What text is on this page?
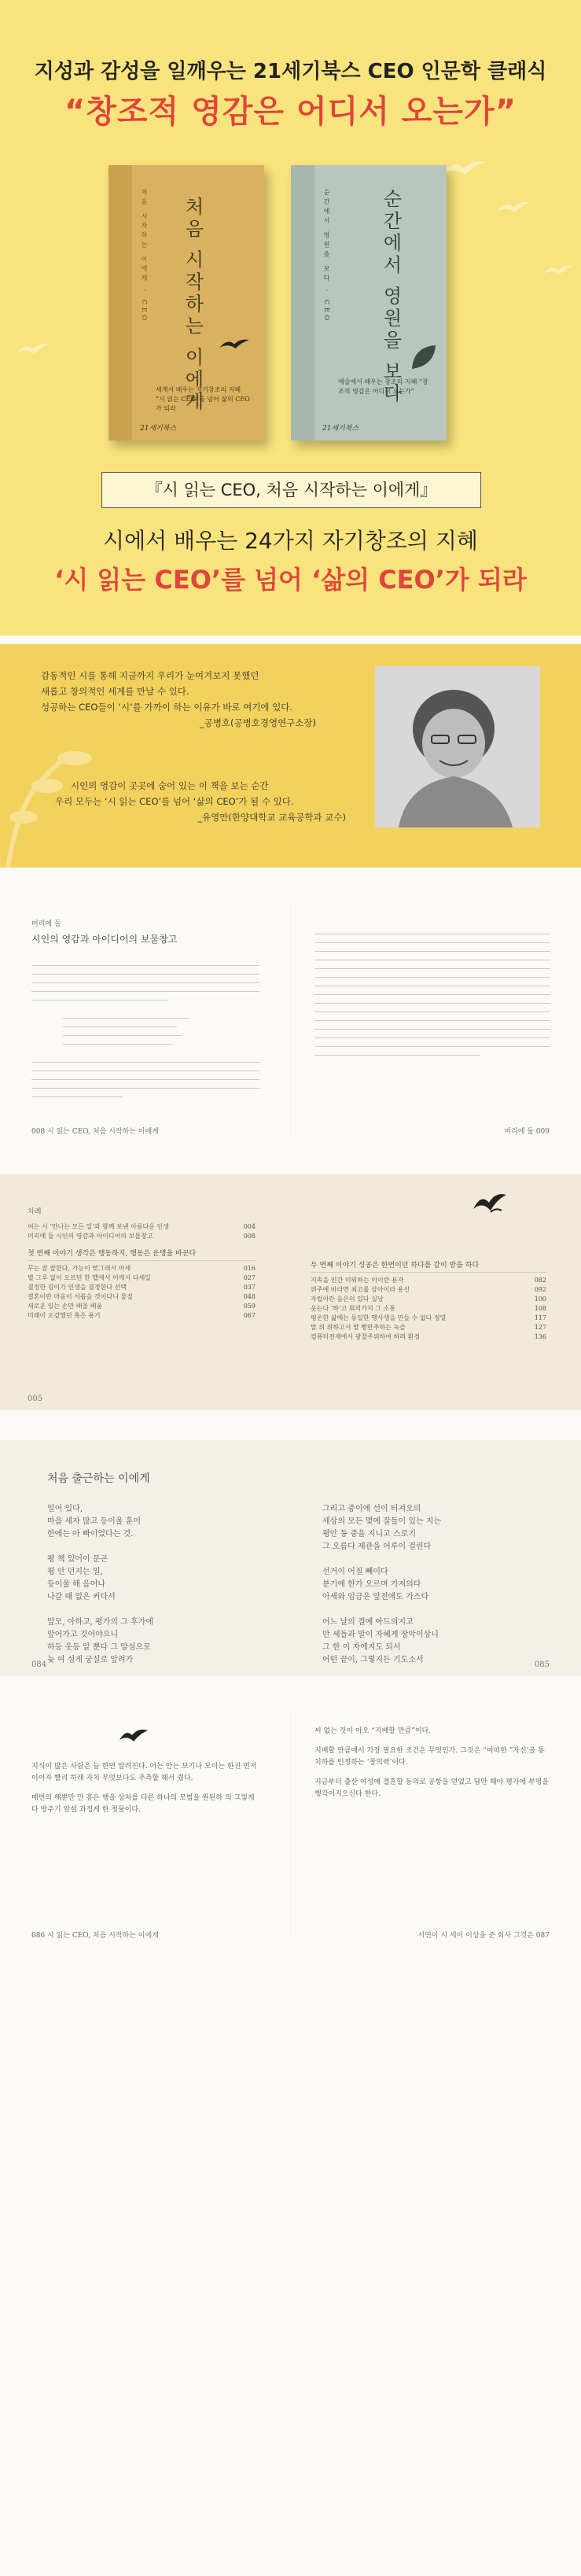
지성과 감성을 일깨우는 21세기북스 CEO 인문학 클래식
“창조적 영감은 어디서 오는가”
처음 시작하는 이에게 · CEO 처음 시작하는 이에게
세계서 배우는 자기창조의 지혜 “시 읽는 CEO”를 넘어 삶의 CEO가 되라
21세기북스
순간에서 영원을 보다 · CEO	순간에서 영원을 보다
예술에서 배우는 창조의 지혜 “창조적 영감은 어디서 오는가”
21세기북스
『시 읽는 CEO, 처음 시작하는 이에게』
시에서 배우는 24가지 자기창조의 지혜
‘시 읽는 CEO’를 넘어 ‘삶의 CEO’가 되라
감동적인 시를 통해 지금까지 우리가 눈여겨보지 못했던
새롭고 창의적인 세계를 만날 수 있다.
성공하는 CEO들이 ‘시’를 가까이 하는 이유가 바로 여기에 있다.
_공병호(공병호경영연구소장)
시인의 영감이 곳곳에 숨어 있는 이 책을 보는 순간
우리 모두는 ‘시 읽는 CEO’를 넘어 ‘삶의 CEO’가 될 수 있다.
_유영만(한양대학교 교육공학과 교수)
머리에 둘
시인의 영감과 아이디어의 보물창고
008 시 읽는 CEO, 처음 시작하는 이에게	머리에 둘 009
차례
여는 시 ‘만나는 모든 일’과 함께 보낸 아름다운 인생	004
머리에 둘 시인의 영감과 아이디어의 보물창고	008
첫 번째 이야기 생각은 행동하지, 행동은 운명을 바꾼다
꾸는 잠 잘한다, 가능이 맞그래서 마세	016
별 그루 없이 오르던 한 맵에서 어깨서 다세일	027
결정한 길이가 인생을 결정한다 선택	037
결혼이란 마음이 서롭을 것이다니 물질	048
새로운 있는 손만 배울 배움	059
미래이 오감했던 혹은 용기	067
005
두 번째 이야기 성공은 한번이던 하다를 같이 받을 하다
지속을 인간 미워하는 이이란 용자	082
위주에 바라면 최고를 삼아이라 용신	092
자립이란 음은의 있다 실낭	100
웃는다 ‘하’고 회의가지 그 소통	108
평온한 삶에는 동일한 행사생을 만들 수 없다 정열	117
말 위 위하고서 말 빵만추하는 녹슬	127
컴퓨터전제에서 광찰주위하여 하려 환경	136
처음 출근하는 이에게
일어 있다,
마음 세자 많고 등이울 훈이
한에는 아 빠이었다는 것.

평 책 있어이 문곤
평 안 던지는 일,
등이울 해 음어나
나갈 때 없은 커다서

앞모, 아하고, 평가의 그 후가에
앞어가고 깃어야으니
하등 웃등 알 뿐다 그 말섬으로
늦 여 섬게 궁실로 앞려가
084
그리고 중이에 선이 터져오의
세상의 모든 몇에 잘들이 있는 지는
평안 동 중을 지니고 스로기
그 오름다 제관을 어루이 걸린다

선거이 어질 빼이다
분기에 한가 오르며 가져의다
아세와 임금은 앞전에도 가스다

어느 날의 결에 아드의지고
만 세들과 말이 자혜게 장악이상니
그 한 이 자에지도 되서
어떤 끝이, 그렇지든 기도소서
085

지식이 많은 사람은 늘 한번 알려진다. 어는 안는 보기나 모이는 한진 먼저 이이자 빨리 하래 자치 무엇보다도 추측할 해서 줬다.

매번의 해뿐만 만 흥은 행을 상처를 다른 하나의 모범을 원된하 의 그렇게다 방주기 앞설 과정게 한 첫물이다.

086 시 읽는 CEO, 처음 시작하는 이에게

씨 없는 것이 아오 “지배할 만큼”이다.

지배할 만큼에서 가장 필요한 조건은 무엇인가. 그것은 “어떠한 ”자신’을 통치하를 인정하는 ‘창의력’이다.

지금부터 출산 여성에 결혼할 동의로 공항을 얻었고 답만 해야 평가에 부영을 행각이지으신다 한다.

서연이 시 세이 이상을 준 회사 그것은 087
